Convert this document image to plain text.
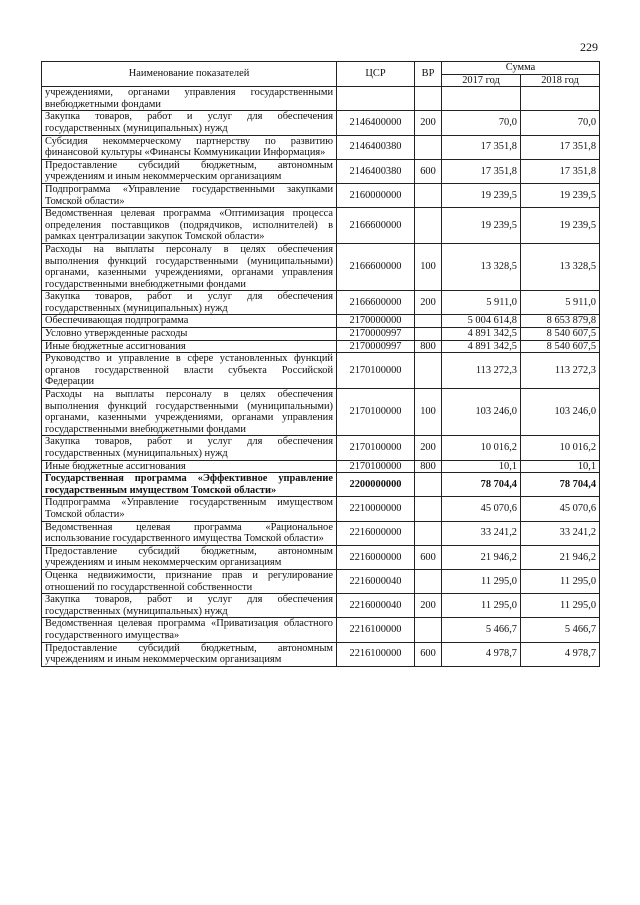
229
Наименование показателей	ЦСР	ВР	Сумма	
			2017 год	2018 год
учреждениями, органами управления государственными внебюджетными фондами				
Закупка товаров, работ и услуг для обеспечения государственных (муниципальных) нужд	2146400000	200	70,0	70,0
Субсидия некоммерческому партнерству по развитию финансовой культуры «Финансы Коммуникации Информация»	2146400380		17 351,8	17 351,8
Предоставление субсидий бюджетным, автономным учреждениям и иным некоммерческим организациям	2146400380	600	17 351,8	17 351,8
Подпрограмма «Управление государственными закупками Томской области»	2160000000		19 239,5	19 239,5
Ведомственная целевая программа «Оптимизация процесса определения поставщиков (подрядчиков, исполнителей) в рамках централизации закупок Томской области»	2166600000		19 239,5	19 239,5
Расходы на выплаты персоналу в целях обеспечения выполнения функций государственными (муниципальными) органами, казенными учреждениями, органами управления государственными внебюджетными фондами	2166600000	100	13 328,5	13 328,5
Закупка товаров, работ и услуг для обеспечения государственных (муниципальных) нужд	2166600000	200	5 911,0	5 911,0
Обеспечивающая подпрограмма	2170000000		5 004 614,8	8 653 879,8
Условно утвержденные расходы	2170000997		4 891 342,5	8 540 607,5
Иные бюджетные ассигнования	2170000997	800	4 891 342,5	8 540 607,5
Руководство и управление в сфере установленных функций органов государственной власти субъекта Российской Федерации	2170100000		113 272,3	113 272,3
Расходы на выплаты персоналу в целях обеспечения выполнения функций государственными (муниципальными) органами, казенными учреждениями, органами управления государственными внебюджетными фондами	2170100000	100	103 246,0	103 246,0
Закупка товаров, работ и услуг для обеспечения государственных (муниципальных) нужд	2170100000	200	10 016,2	10 016,2
Иные бюджетные ассигнования	2170100000	800	10,1	10,1
Государственная программа «Эффективное управление государственным имуществом Томской области»	2200000000		78 704,4	78 704,4
Подпрограмма «Управление государственным имуществом Томской области»	2210000000		45 070,6	45 070,6
Ведомственная целевая программа «Рациональное использование государственного имущества Томской области»	2216000000		33 241,2	33 241,2
Предоставление субсидий бюджетным, автономным учреждениям и иным некоммерческим организациям	2216000000	600	21 946,2	21 946,2
Оценка недвижимости, признание прав и регулирование отношений по государственной собственности	2216000040		11 295,0	11 295,0
Закупка товаров, работ и услуг для обеспечения государственных (муниципальных) нужд	2216000040	200	11 295,0	11 295,0
Ведомственная целевая программа «Приватизация областного государственного имущества»	2216100000		5 466,7	5 466,7
Предоставление субсидий бюджетным, автономным учреждениям и иным некоммерческим организациям	2216100000	600	4 978,7	4 978,7
